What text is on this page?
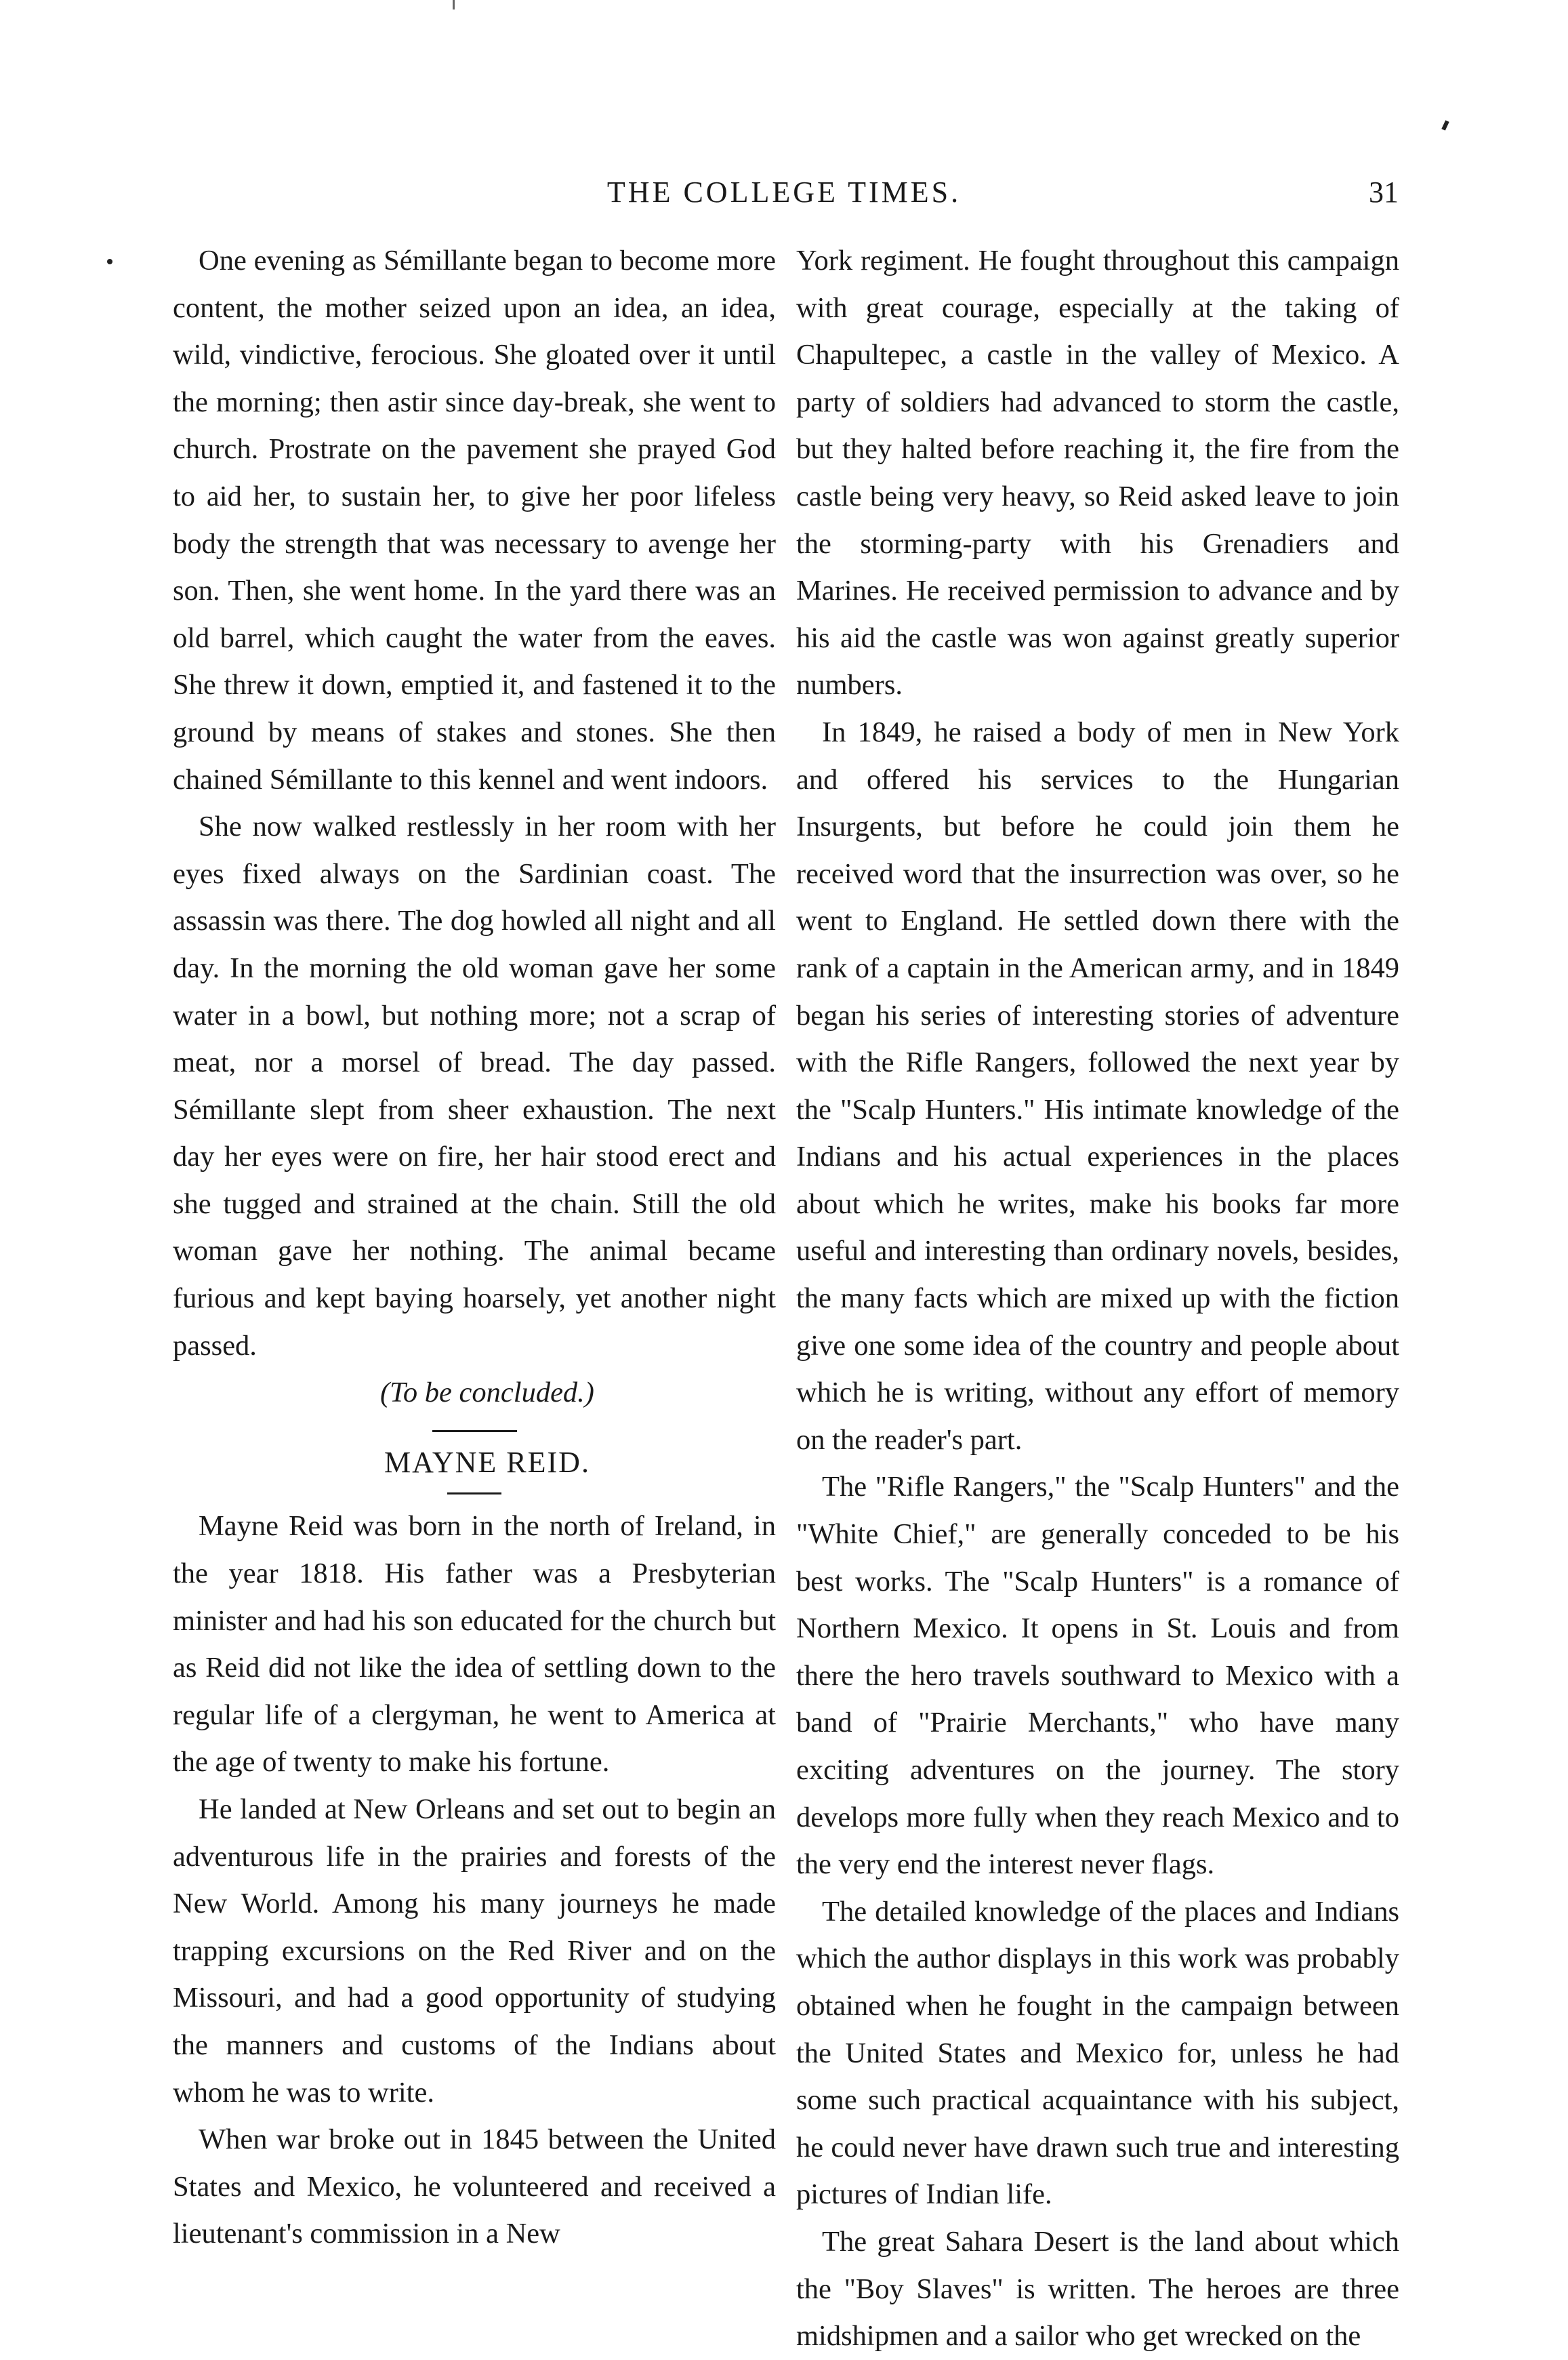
THE COLLEGE TIMES.	31

One evening as Sémillante began to become more content, the mother seized upon an idea, an idea, wild, vindictive, ferocious. She gloated over it until the morning; then astir since day-break, she went to church. Prostrate on the pavement she prayed God to aid her, to sustain her, to give her poor lifeless body the strength that was necessary to avenge her son. Then, she went home. In the yard there was an old barrel, which caught the water from the eaves. She threw it down, emptied it, and fastened it to the ground by means of stakes and stones. She then chained Sémillante to this kennel and went indoors.

She now walked restlessly in her room with her eyes fixed always on the Sardinian coast. The assassin was there. The dog howled all night and all day. In the morning the old woman gave her some water in a bowl, but nothing more; not a scrap of meat, nor a morsel of bread. The day passed. Sémillante slept from sheer exhaustion. The next day her eyes were on fire, her hair stood erect and she tugged and strained at the chain. Still the old woman gave her nothing. The animal became furious and kept baying hoarsely, yet another night passed.

(To be concluded.)

MAYNE REID.

Mayne Reid was born in the north of Ireland, in the year 1818. His father was a Presbyterian minister and had his son educated for the church but as Reid did not like the idea of settling down to the regular life of a clergyman, he went to America at the age of twenty to make his fortune.

He landed at New Orleans and set out to begin an adventurous life in the prairies and forests of the New World. Among his many journeys he made trapping excursions on the Red River and on the Missouri, and had a good opportunity of studying the manners and customs of the Indians about whom he was to write.

When war broke out in 1845 between the United States and Mexico, he volunteered and received a lieutenant's commission in a New

York regiment. He fought throughout this campaign with great courage, especially at the taking of Chapultepec, a castle in the valley of Mexico. A party of soldiers had advanced to storm the castle, but they halted before reaching it, the fire from the castle being very heavy, so Reid asked leave to join the storming-party with his Grenadiers and Marines. He received permission to advance and by his aid the castle was won against greatly superior numbers.

In 1849, he raised a body of men in New York and offered his services to the Hungarian Insurgents, but before he could join them he received word that the insurrection was over, so he went to England. He settled down there with the rank of a captain in the American army, and in 1849 began his series of interesting stories of adventure with the Rifle Rangers, followed the next year by the "Scalp Hunters." His intimate knowledge of the Indians and his actual experiences in the places about which he writes, make his books far more useful and interesting than ordinary novels, besides, the many facts which are mixed up with the fiction give one some idea of the country and people about which he is writing, without any effort of memory on the reader's part.

The "Rifle Rangers," the "Scalp Hunters" and the "White Chief," are generally conceded to be his best works. The "Scalp Hunters" is a romance of Northern Mexico. It opens in St. Louis and from there the hero travels southward to Mexico with a band of "Prairie Merchants," who have many exciting adventures on the journey. The story develops more fully when they reach Mexico and to the very end the interest never flags.

The detailed knowledge of the places and Indians which the author displays in this work was probably obtained when he fought in the campaign between the United States and Mexico for, unless he had some such practical acquaintance with his subject, he could never have drawn such true and interesting pictures of Indian life.

The great Sahara Desert is the land about which the "Boy Slaves" is written. The heroes are three midshipmen and a sailor who get wrecked on the
